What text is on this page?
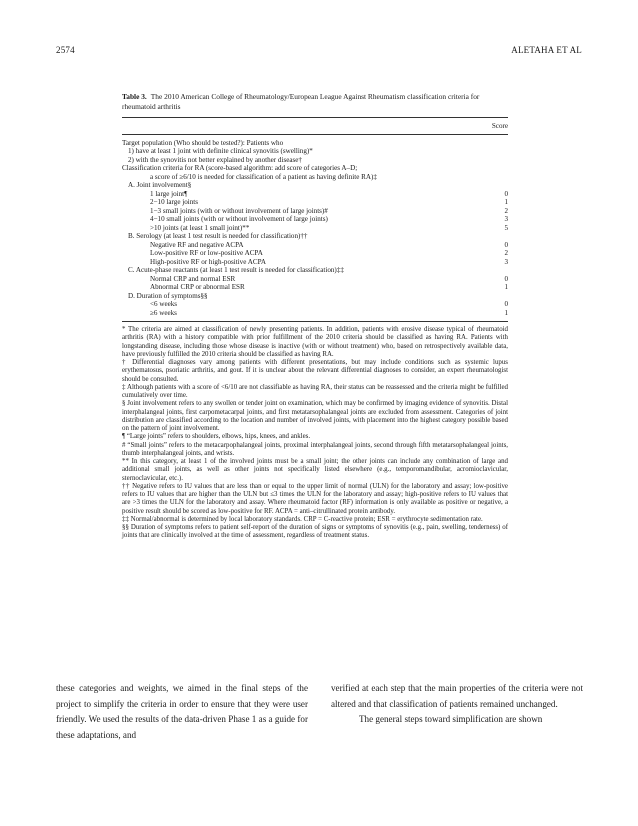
2574	ALETAHA ET AL

Table 3. The 2010 American College of Rheumatology/European League Against Rheumatism classification criteria for rheumatoid arthritis

Score
Target population (Who should be tested?): Patients who
1) have at least 1 joint with definite clinical synovitis (swelling)*
2) with the synovitis not better explained by another disease†
Classification criteria for RA (score-based algorithm: add score of categories A–D;
a score of ≥6/10 is needed for classification of a patient as having definite RA)‡
A. Joint involvement§
1 large joint¶	0
2−10 large joints	1
1−3 small joints (with or without involvement of large joints)#	2
4−10 small joints (with or without involvement of large joints)	3
>10 joints (at least 1 small joint)**	5
B. Serology (at least 1 test result is needed for classification)††
Negative RF and negative ACPA	0
Low-positive RF or low-positive ACPA	2
High-positive RF or high-positive ACPA	3
C. Acute-phase reactants (at least 1 test result is needed for classification)‡‡
Normal CRP and normal ESR	0
Abnormal CRP or abnormal ESR	1
D. Duration of symptoms§§
<6 weeks	0
≥6 weeks	1

* The criteria are aimed at classification of newly presenting patients. In addition, patients with erosive disease typical of rheumatoid arthritis (RA) with a history compatible with prior fulfillment of the 2010 criteria should be classified as having RA. Patients with longstanding disease, including those whose disease is inactive (with or without treatment) who, based on retrospectively available data, have previously fulfilled the 2010 criteria should be classified as having RA.

† Differential diagnoses vary among patients with different presentations, but may include conditions such as systemic lupus erythematosus, psoriatic arthritis, and gout. If it is unclear about the relevant differential diagnoses to consider, an expert rheumatologist should be consulted.

‡ Although patients with a score of <6/10 are not classifiable as having RA, their status can be reassessed and the criteria might be fulfilled cumulatively over time.

§ Joint involvement refers to any swollen or tender joint on examination, which may be confirmed by imaging evidence of synovitis. Distal interphalangeal joints, first carpometacarpal joints, and first metatarsophalangeal joints are excluded from assessment. Categories of joint distribution are classified according to the location and number of involved joints, with placement into the highest category possible based on the pattern of joint involvement.

¶ “Large joints” refers to shoulders, elbows, hips, knees, and ankles.

# “Small joints” refers to the metacarpophalangeal joints, proximal interphalangeal joints, second through fifth metatarsophalangeal joints, thumb interphalangeal joints, and wrists.

** In this category, at least 1 of the involved joints must be a small joint; the other joints can include any combination of large and additional small joints, as well as other joints not specifically listed elsewhere (e.g., temporomandibular, acromioclavicular, sternoclavicular, etc.).

†† Negative refers to IU values that are less than or equal to the upper limit of normal (ULN) for the laboratory and assay; low-positive refers to IU values that are higher than the ULN but ≤3 times the ULN for the laboratory and assay; high-positive refers to IU values that are >3 times the ULN for the laboratory and assay. Where rheumatoid factor (RF) information is only available as positive or negative, a positive result should be scored as low-positive for RF. ACPA = anti–citrullinated protein antibody.

‡‡ Normal/abnormal is determined by local laboratory standards. CRP = C-reactive protein; ESR = erythrocyte sedimentation rate.

§§ Duration of symptoms refers to patient self-report of the duration of signs or symptoms of synovitis (e.g., pain, swelling, tenderness) of joints that are clinically involved at the time of assessment, regardless of treatment status.

these categories and weights, we aimed in the final steps of the project to simplify the criteria in order to ensure that they were user friendly. We used the results of the data-driven Phase 1 as a guide for these adaptations, and

verified at each step that the main properties of the criteria were not altered and that classification of patients remained unchanged.

The general steps toward simplification are shown
